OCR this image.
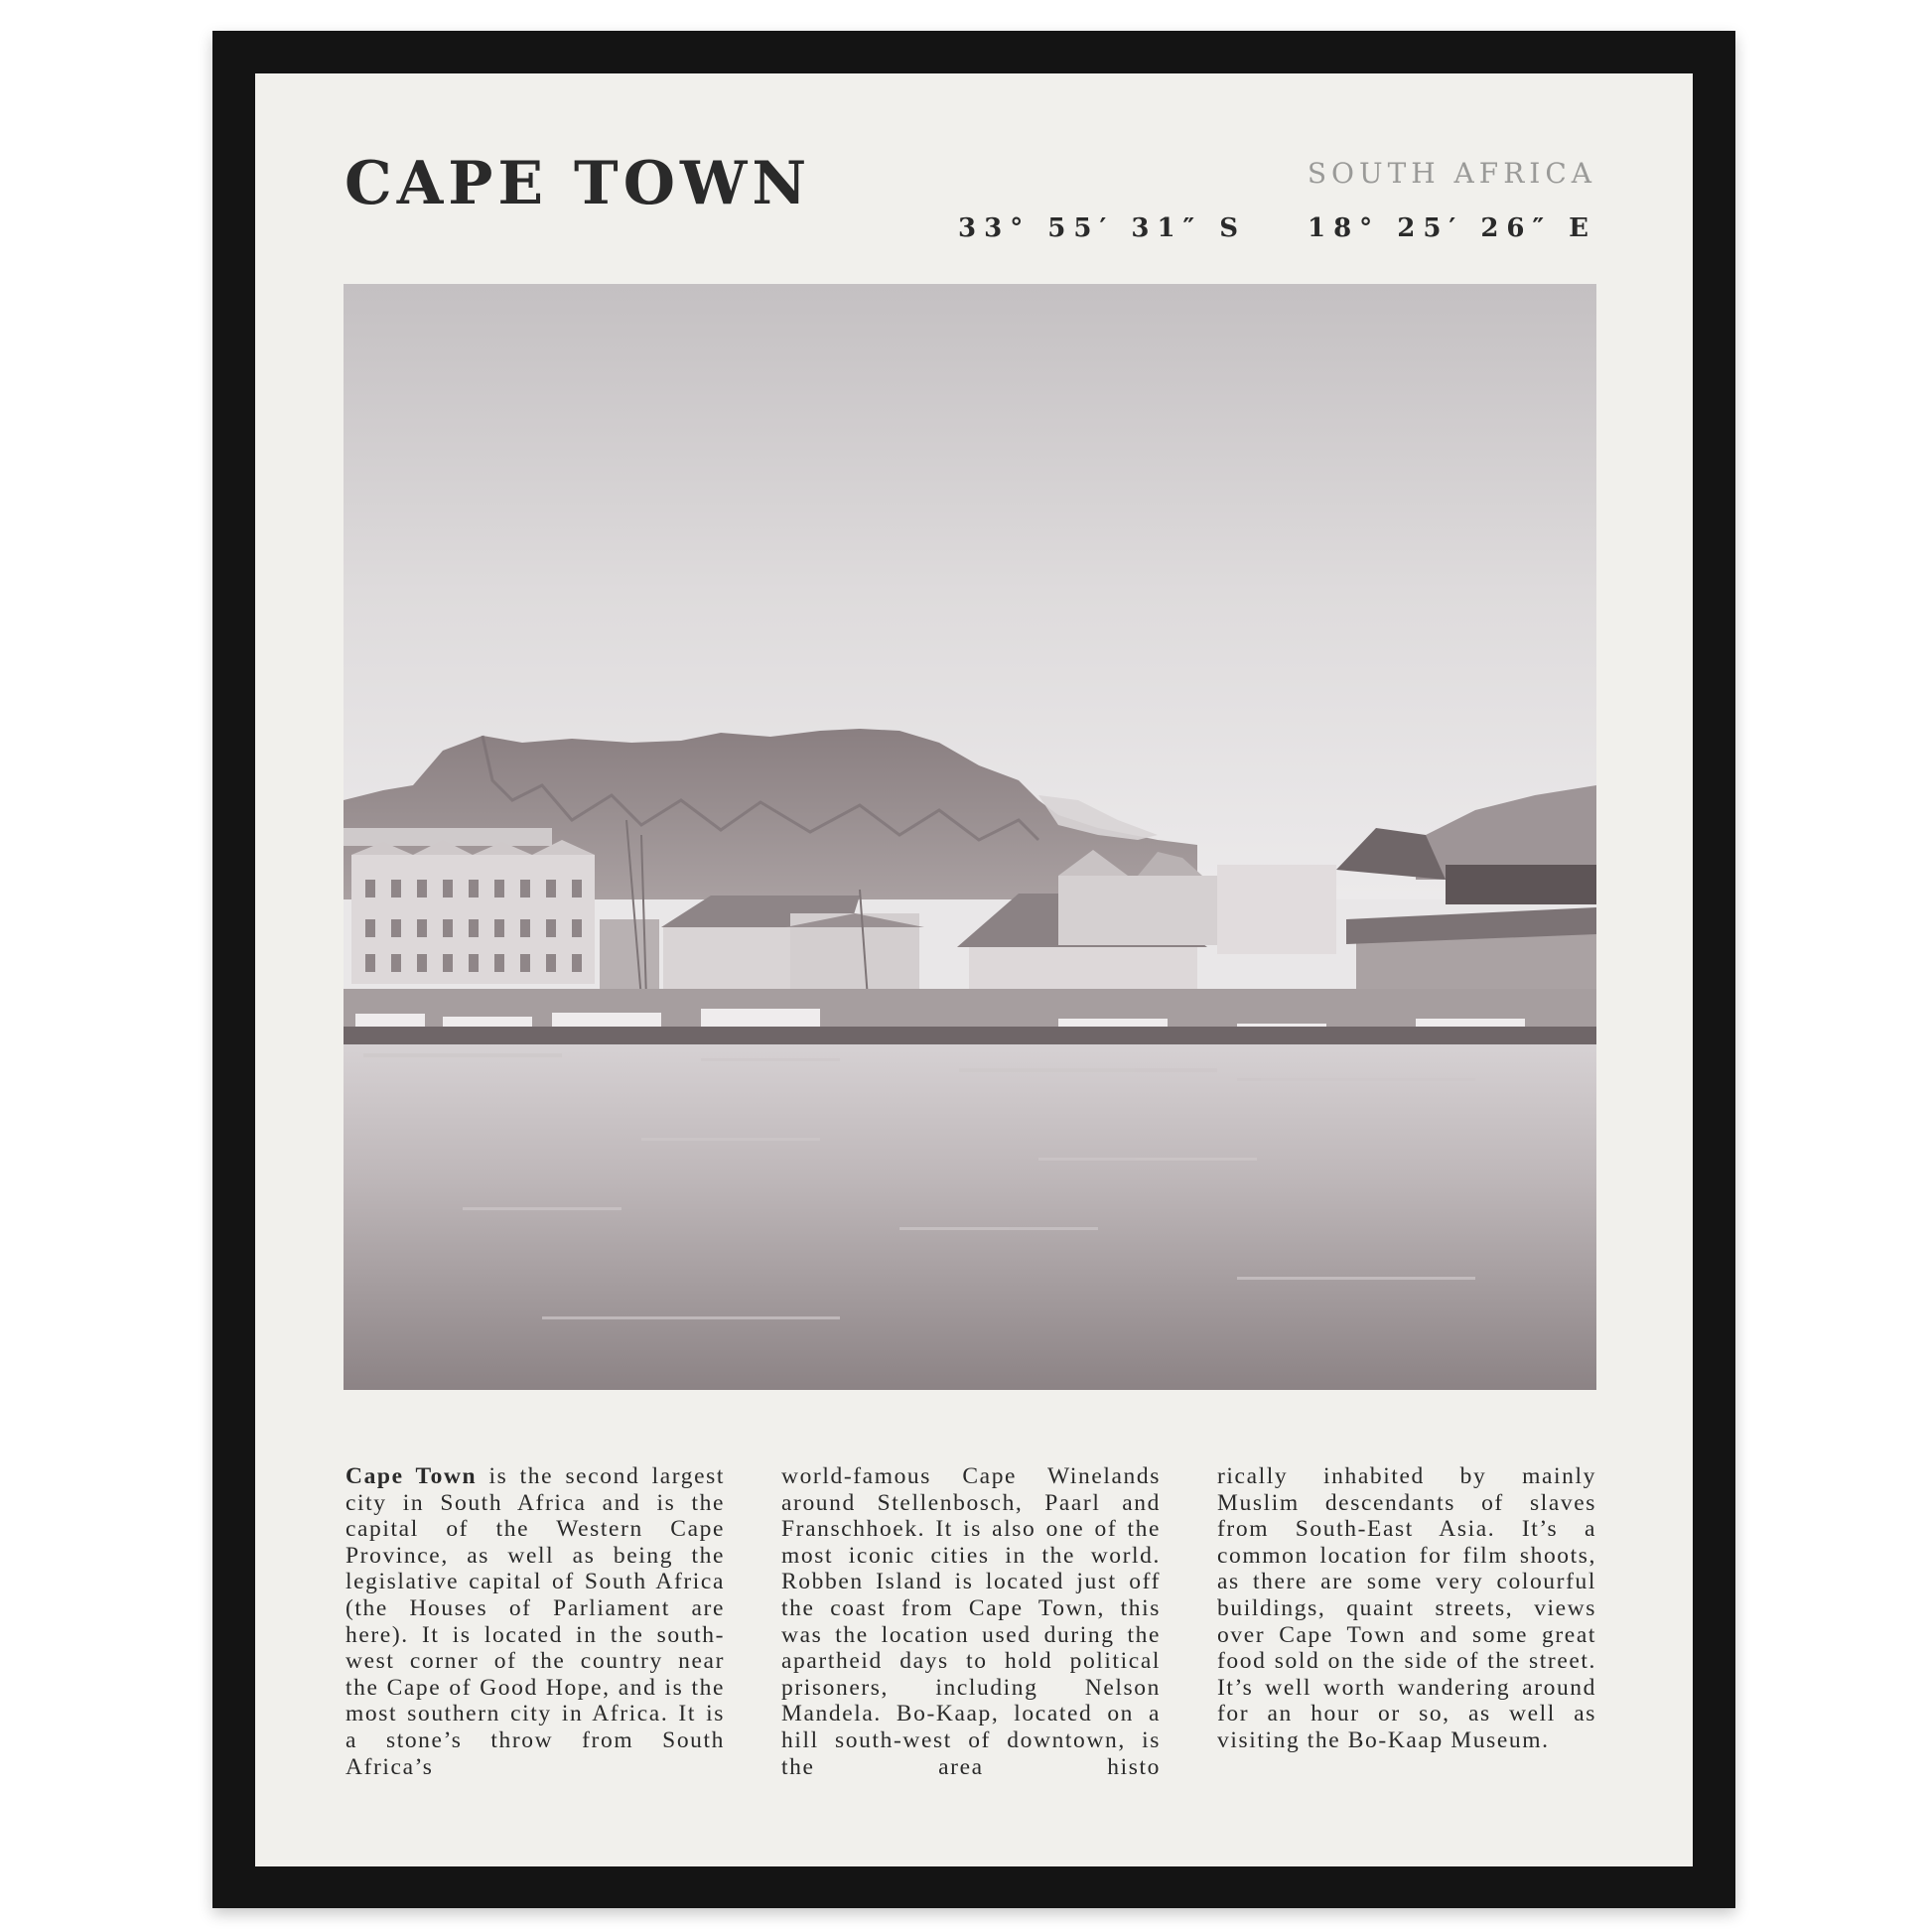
CAPE TOWN	SOUTH AFRICA
33° 55′ 31″ S 18° 25′ 26″ E

Cape Town is the second largest city in South Africa and is the capital of the Western Cape Province, as well as being the legislative capital of South Africa (the Houses of Parliament are here). It is located in the south-west corner of the country near the Cape of Good Hope, and is the most southern city in Africa. It is a stone’s throw from South Africa’s

world-famous Cape Winelands around Stellenbosch, Paarl and Franschhoek. It is also one of the most iconic cities in the world. Robben Island is located just off the coast from Cape Town, this was the location used during the apartheid days to hold political prisoners, including Nelson Mandela. Bo-Kaap, located on a hill south-west of downtown, is the area histo

rically inhabited by mainly Muslim descendants of slaves from South-East Asia. It’s a common location for film shoots, as there are some very colourful buildings, quaint streets, views over Cape Town and some great food sold on the side of the street. It’s well worth wandering around for an hour or so, as well as visiting the Bo-Kaap Museum.
